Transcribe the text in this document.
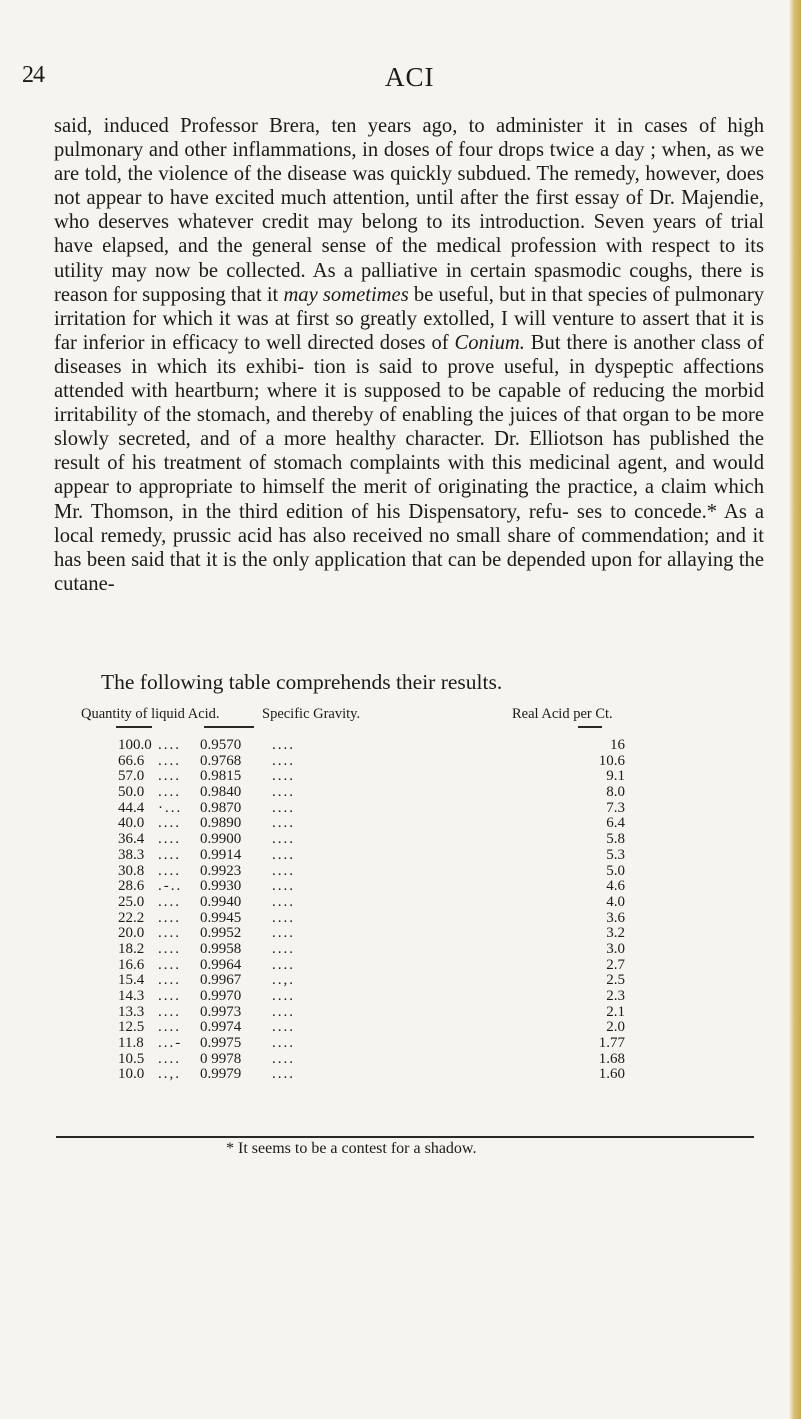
24	ACI

said, induced Professor Brera, ten years ago, to administer it in cases of high pulmonary and other inflammations, in doses of four drops twice a day ; when, as we are told, the violence of the disease was quickly subdued. The remedy, however, does not appear to have excited much attention, until after the first essay of Dr. Majendie, who deserves whatever credit may belong to its introduction. Seven years of trial have elapsed, and the general sense of the medical profession with respect to its utility may now be collected. As a palliative in certain spasmodic coughs, there is reason for supposing that it may sometimes be useful, but in that species of pulmonary irritation for which it was at first so greatly extolled, I will venture to assert that it is far inferior in efficacy to well directed doses of Conium. But there is another class of diseases in which its exhibi- tion is said to prove useful, in dyspeptic affections attended with heartburn; where it is supposed to be capable of reducing the morbid irritability of the stomach, and thereby of enabling the juices of that organ to be more slowly secreted, and of a more healthy character. Dr. Elliotson has published the result of his treatment of stomach complaints with this medicinal agent, and would appear to appropriate to himself the merit of originating the practice, a claim which Mr. Thomson, in the third edition of his Dispensatory, refu- ses to concede.* As a local remedy, prussic acid has also received no small share of commendation; and it has been said that it is the only application that can be depended upon for allaying the cutane-

The following table comprehends their results.
Quantity of liquid Acid.	Specific Gravity.	Real Acid per Ct.
100.0 .... 0.9570 ....	16
66.6 .... 0.9768 ....	10.6
57.0 .... 0.9815 ....	9.1
50.0 .... 0.9840 ....	8.0
44.4 ·... 0.9870 ....	7.3
40.0 .... 0.9890 ....	6.4
36.4 .... 0.9900 ....	5.8
38.3 .... 0.9914 ....	5.3
30.8 .... 0.9923 ....	5.0
28.6 .-.. 0.9930 ....	4.6
25.0 .... 0.9940 ....	4.0
22.2 .... 0.9945 ....	3.6
20.0 .... 0.9952 ....	3.2
18.2 .... 0.9958 ....	3.0
16.6 .... 0.9964 ....	2.7
15.4 .... 0.9967 ..,.	2.5
14.3 .... 0.9970 ....	2.3
13.3 .... 0.9973 ....	2.1
12.5 .... 0.9974 ....	2.0
11.8 ...- 0.9975 ....	1.77
10.5 .... 0 9978 ....	1.68
10.0 ..,. 0.9979 ....	1.60
* It seems to be a contest for a shadow.
